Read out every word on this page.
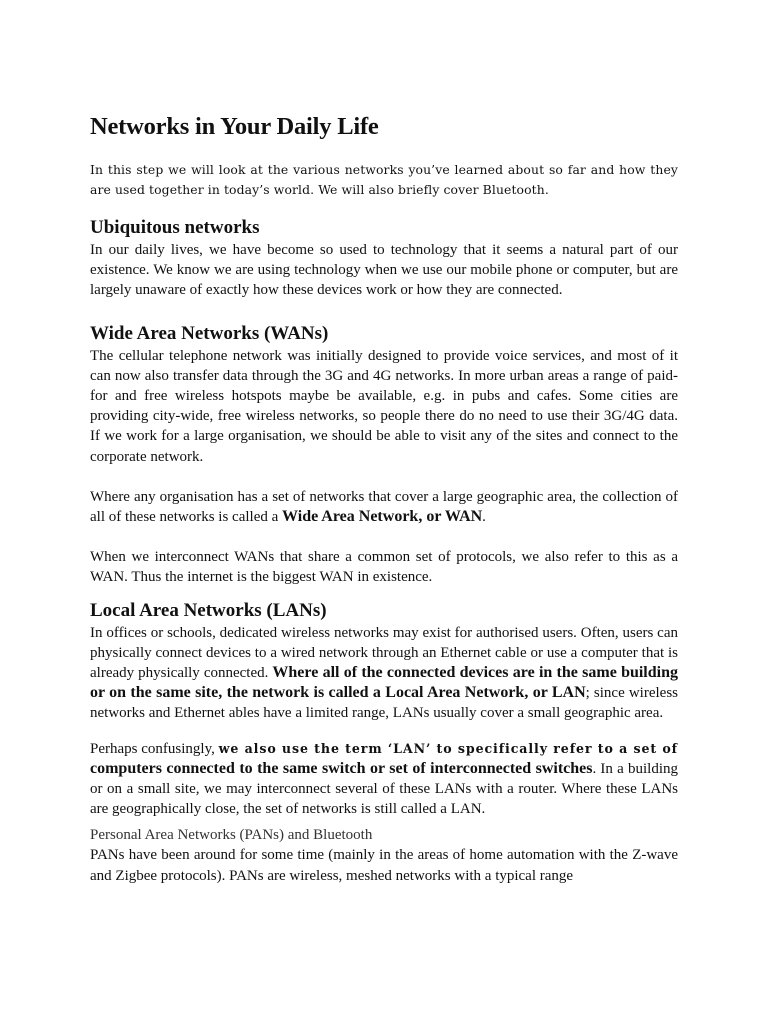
Networks in Your Daily Life

In this step we will look at the various networks you’ve learned about so far and how they are used together in today’s world. We will also briefly cover Bluetooth.

Ubiquitous networks

In our daily lives, we have become so used to technology that it seems a natural part of our existence. We know we are using technology when we use our mobile phone or computer, but are largely unaware of exactly how these devices work or how they are connected.

Wide Area Networks (WANs)

The cellular telephone network was initially designed to provide voice services, and most of it can now also transfer data through the 3G and 4G networks. In more urban areas a range of paid-for and free wireless hotspots maybe be available, e.g. in pubs and cafes. Some cities are providing city-wide, free wireless networks, so people there do no need to use their 3G/4G data. If we work for a large organisation, we should be able to visit any of the sites and connect to the corporate network.

Where any organisation has a set of networks that cover a large geographic area, the collection of all of these networks is called a Wide Area Network, or WAN.

When we interconnect WANs that share a common set of protocols, we also refer to this as a WAN. Thus the internet is the biggest WAN in existence.

Local Area Networks (LANs)

In offices or schools, dedicated wireless networks may exist for authorised users. Often, users can physically connect devices to a wired network through an Ethernet cable or use a computer that is already physically connected. Where all of the connected devices are in the same building or on the same site, the network is called a Local Area Network, or LAN; since wireless networks and Ethernet ables have a limited range, LANs usually cover a small geographic area.

Perhaps confusingly, we also use the term ‘LAN’ to specifically refer to a set of computers connected to the same switch or set of interconnected switches. In a building or on a small site, we may interconnect several of these LANs with a router. Where these LANs are geographically close, the set of networks is still called a LAN.

Personal Area Networks (PANs) and Bluetooth

PANs have been around for some time (mainly in the areas of home automation with the Z-wave and Zigbee protocols). PANs are wireless, meshed networks with a typical range
